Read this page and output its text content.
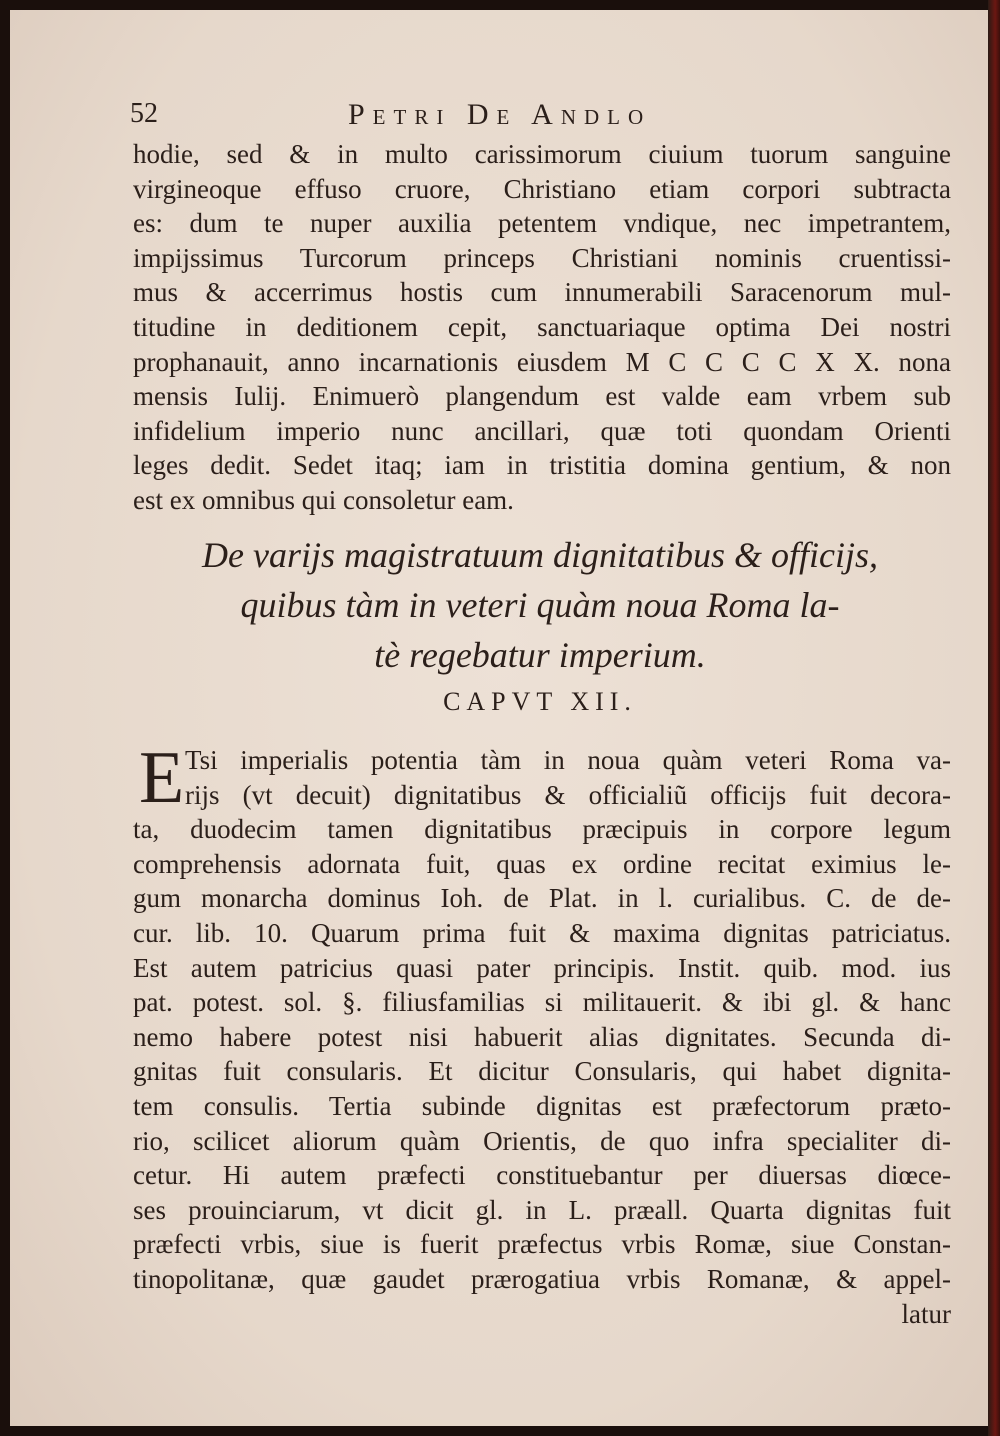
52	Petri De Andlo
hodie, sed & in multo carissimorum ciuium tuorum sanguine
virgineoque effuso cruore, Christiano etiam corpori subtracta
es: dum te nuper auxilia petentem vndique, nec impetrantem,
impijssimus Turcorum princeps Christiani nominis cruentissi-
mus & accerrimus hostis cum innumerabili Saracenorum mul-
titudine in deditionem cepit, sanctuariaque optima Dei nostri
prophanauit, anno incarnationis eiusdem M C C C C X X. nona
mensis Iulij. Enimuerò plangendum est valde eam vrbem sub
infidelium imperio nunc ancillari, quæ toti quondam Orienti
leges dedit. Sedet itaq; iam in tristitia domina gentium, & non
est ex omnibus qui consoletur eam.
De varijs magistratuum dignitatibus & officijs,
quibus tàm in veteri quàm noua Roma la-
tè regebatur imperium.
CAPVT XII.
E Tsi imperialis potentia tàm in noua quàm veteri Roma va-
rijs (vt decuit) dignitatibus & officialiũ officijs fuit decora-
ta, duodecim tamen dignitatibus præcipuis in corpore legum
comprehensis adornata fuit, quas ex ordine recitat eximius le-
gum monarcha dominus Ioh. de Plat. in l. curialibus. C. de de-
cur. lib. 10. Quarum prima fuit & maxima dignitas patriciatus.
Est autem patricius quasi pater principis. Instit. quib. mod. ius
pat. potest. sol. §. filiusfamilias si militauerit. & ibi gl. & hanc
nemo habere potest nisi habuerit alias dignitates. Secunda di-
gnitas fuit consularis. Et dicitur Consularis, qui habet dignita-
tem consulis. Tertia subinde dignitas est præfectorum præto-
rio, scilicet aliorum quàm Orientis, de quo infra specialiter di-
cetur. Hi autem præfecti constituebantur per diuersas diœce-
ses prouinciarum, vt dicit gl. in L. præall. Quarta dignitas fuit
præfecti vrbis, siue is fuerit præfectus vrbis Romæ, siue Constan-
tinopolitanæ, quæ gaudet prærogatiua vrbis Romanæ, & appel-
latur
